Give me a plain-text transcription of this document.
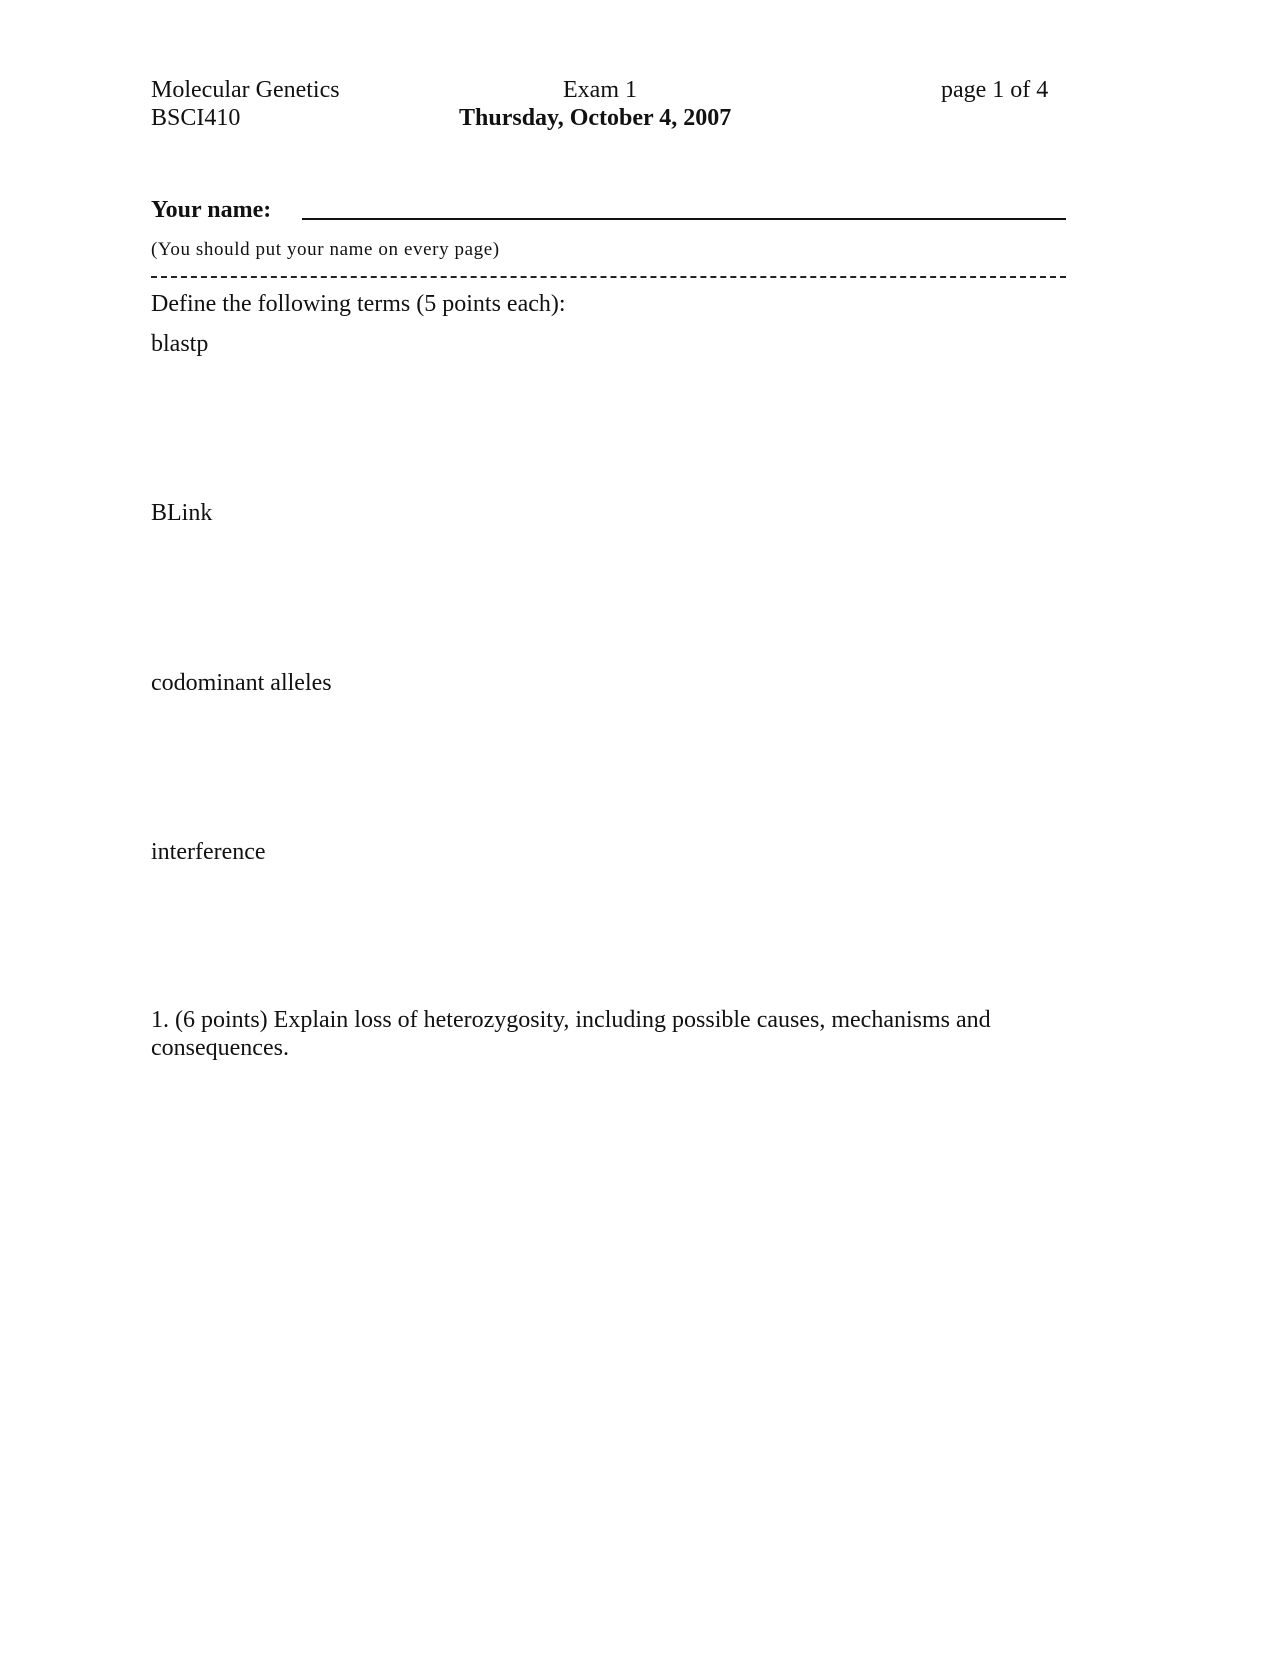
Molecular Genetics
BSCI410
Exam 1
Thursday, October 4, 2007
page 1 of 4
Your name:
(You should put your name on every page)
Define the following terms (5 points each):
blastp
BLink
codominant alleles
interference
1. (6 points) Explain loss of heterozygosity, including possible causes, mechanisms and consequences.
